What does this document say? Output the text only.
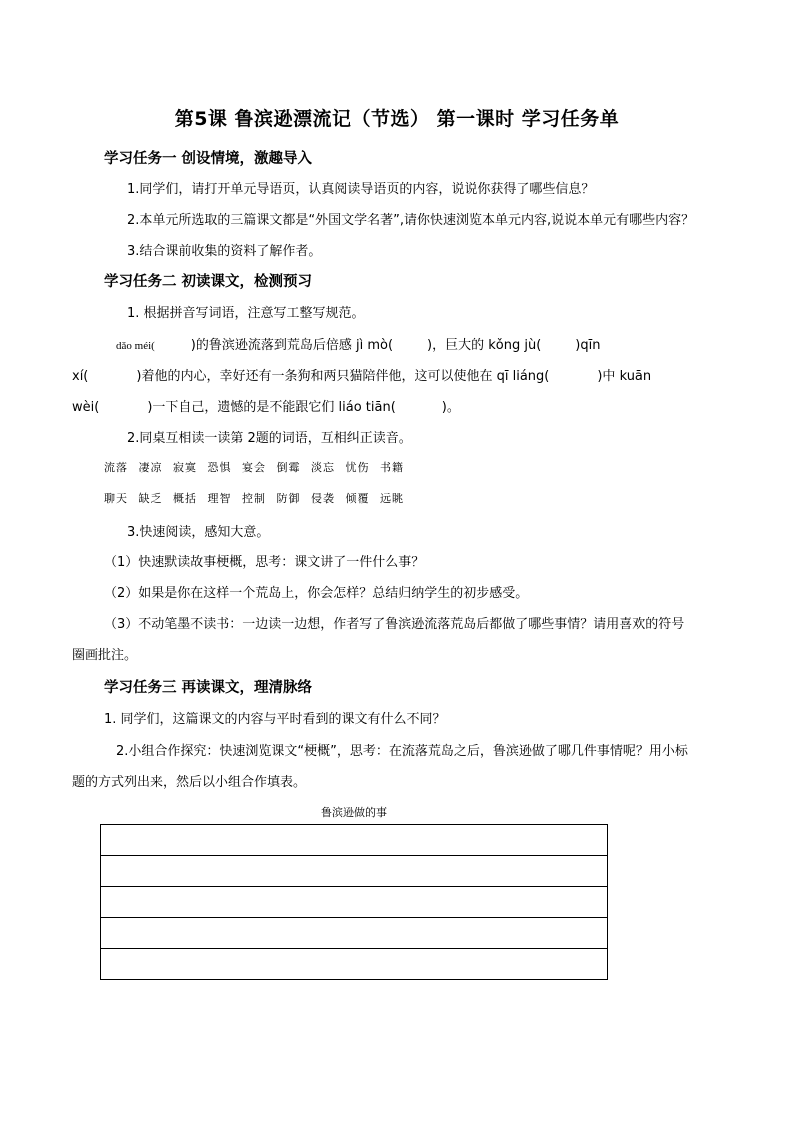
第5课 鲁滨逊漂流记（节选） 第一课时 学习任务单
学习任务一 创设情境，激趣导入
1.同学们，请打开单元导语页，认真阅读导语页的内容，说说你获得了哪些信息？
2.本单元所选取的三篇课文都是“外国文学名著”,请你快速浏览本单元内容,说说本单元有哪些内容？
3.结合课前收集的资料了解作者。
学习任务二 初读课文，检测预习
1. 根据拼音写词语，注意写工整写规范。
dǎo méi(	)的鲁滨逊流落到荒岛后倍感 jì mò(	)，巨大的 kǒng jù(	)qīn
xí(	)着他的内心，幸好还有一条狗和两只猫陪伴他，这可以使他在 qī liáng(	)中 kuān
wèi(	)一下自己，遗憾的是不能跟它们 liáo tiān(	)。
2.同桌互相读一读第 2题的词语，互相纠正读音。
流落 凄凉 寂寞 恐惧 宴会 倒霉 淡忘 忧伤 书籍
聊天 缺乏 概括 理智 控制 防御 侵袭 倾覆 远眺
3.快速阅读，感知大意。
（1）快速默读故事梗概，思考：课文讲了一件什么事？
（2）如果是你在这样一个荒岛上，你会怎样？总结归纳学生的初步感受。
（3）不动笔墨不读书：一边读一边想，作者写了鲁滨逊流落荒岛后都做了哪些事情？请用喜欢的符号
圈画批注。
学习任务三 再读课文，理清脉络
1. 同学们，这篇课文的内容与平时看到的课文有什么不同？
2.小组合作探究：快速浏览课文“梗概”，思考：在流落荒岛之后，鲁滨逊做了哪几件事情呢？用小标
题的方式列出来，然后以小组合作填表。
鲁滨逊做的事
